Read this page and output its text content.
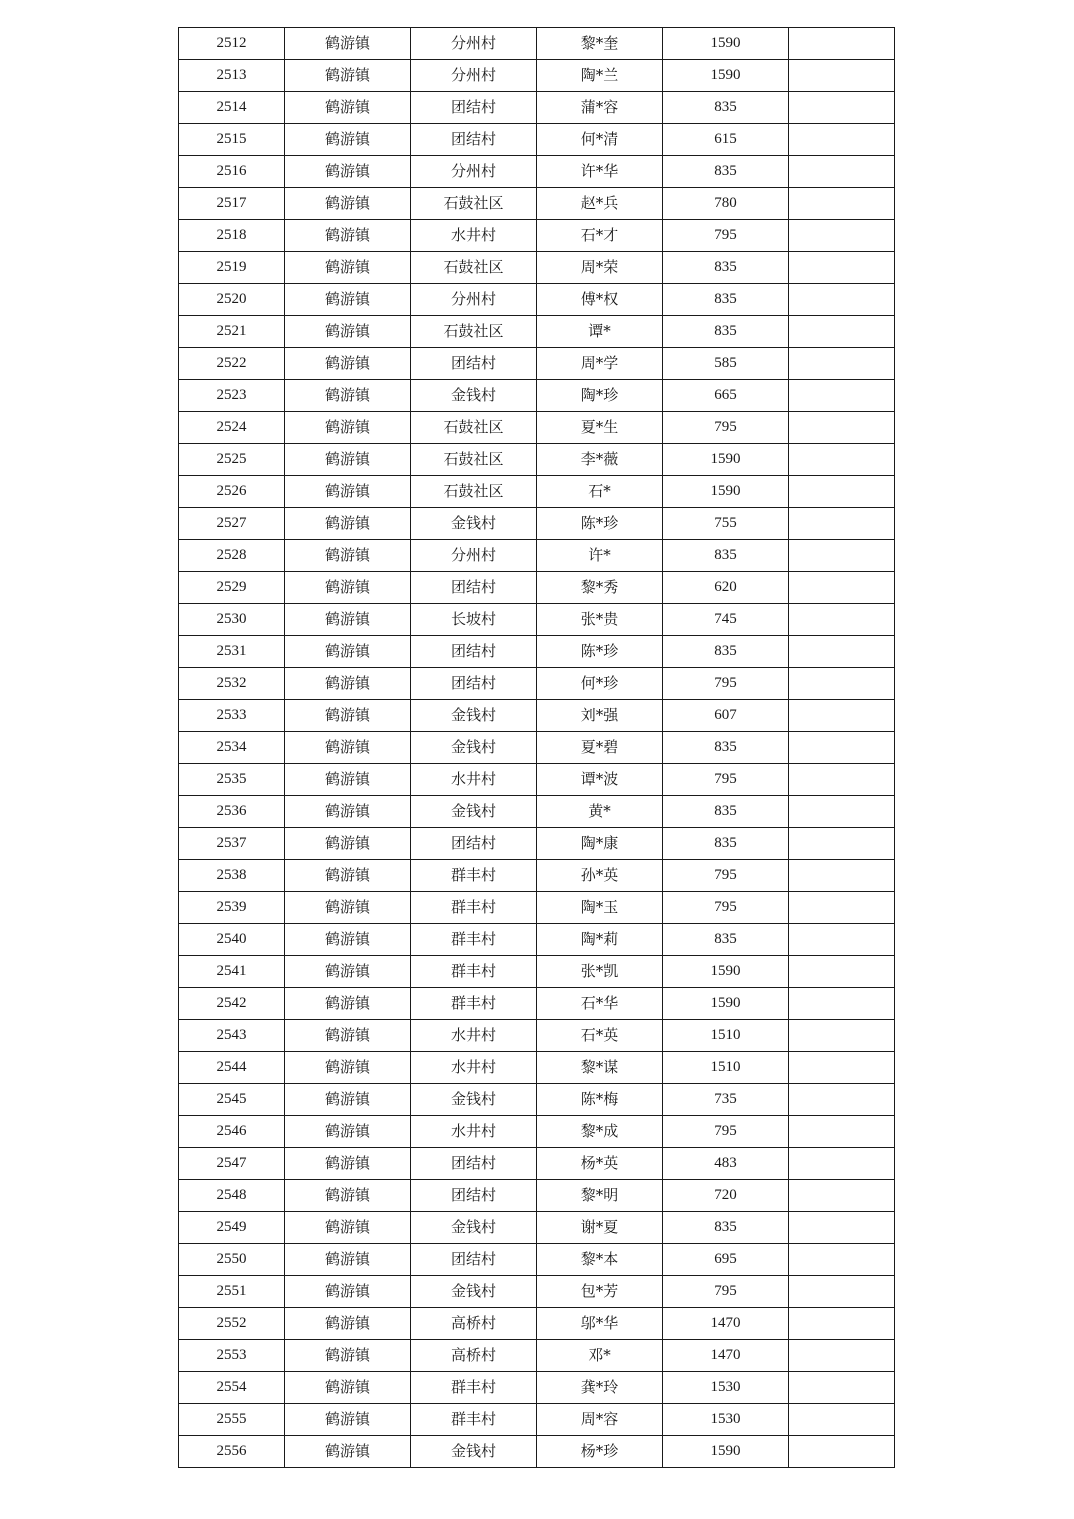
2512	鹤游镇	分州村	黎*奎	1590	
2513	鹤游镇	分州村	陶*兰	1590	
2514	鹤游镇	团结村	蒲*容	835	
2515	鹤游镇	团结村	何*清	615	
2516	鹤游镇	分州村	许*华	835	
2517	鹤游镇	石鼓社区	赵*兵	780	
2518	鹤游镇	水井村	石*才	795	
2519	鹤游镇	石鼓社区	周*荣	835	
2520	鹤游镇	分州村	傅*权	835	
2521	鹤游镇	石鼓社区	谭*	835	
2522	鹤游镇	团结村	周*学	585	
2523	鹤游镇	金钱村	陶*珍	665	
2524	鹤游镇	石鼓社区	夏*生	795	
2525	鹤游镇	石鼓社区	李*薇	1590	
2526	鹤游镇	石鼓社区	石*	1590	
2527	鹤游镇	金钱村	陈*珍	755	
2528	鹤游镇	分州村	许*	835	
2529	鹤游镇	团结村	黎*秀	620	
2530	鹤游镇	长坡村	张*贵	745	
2531	鹤游镇	团结村	陈*珍	835	
2532	鹤游镇	团结村	何*珍	795	
2533	鹤游镇	金钱村	刘*强	607	
2534	鹤游镇	金钱村	夏*碧	835	
2535	鹤游镇	水井村	谭*波	795	
2536	鹤游镇	金钱村	黄*	835	
2537	鹤游镇	团结村	陶*康	835	
2538	鹤游镇	群丰村	孙*英	795	
2539	鹤游镇	群丰村	陶*玉	795	
2540	鹤游镇	群丰村	陶*莉	835	
2541	鹤游镇	群丰村	张*凯	1590	
2542	鹤游镇	群丰村	石*华	1590	
2543	鹤游镇	水井村	石*英	1510	
2544	鹤游镇	水井村	黎*谋	1510	
2545	鹤游镇	金钱村	陈*梅	735	
2546	鹤游镇	水井村	黎*成	795	
2547	鹤游镇	团结村	杨*英	483	
2548	鹤游镇	团结村	黎*明	720	
2549	鹤游镇	金钱村	谢*夏	835	
2550	鹤游镇	团结村	黎*本	695	
2551	鹤游镇	金钱村	包*芳	795	
2552	鹤游镇	高桥村	邬*华	1470	
2553	鹤游镇	高桥村	邓*	1470	
2554	鹤游镇	群丰村	龚*玲	1530	
2555	鹤游镇	群丰村	周*容	1530	
2556	鹤游镇	金钱村	杨*珍	1590	
